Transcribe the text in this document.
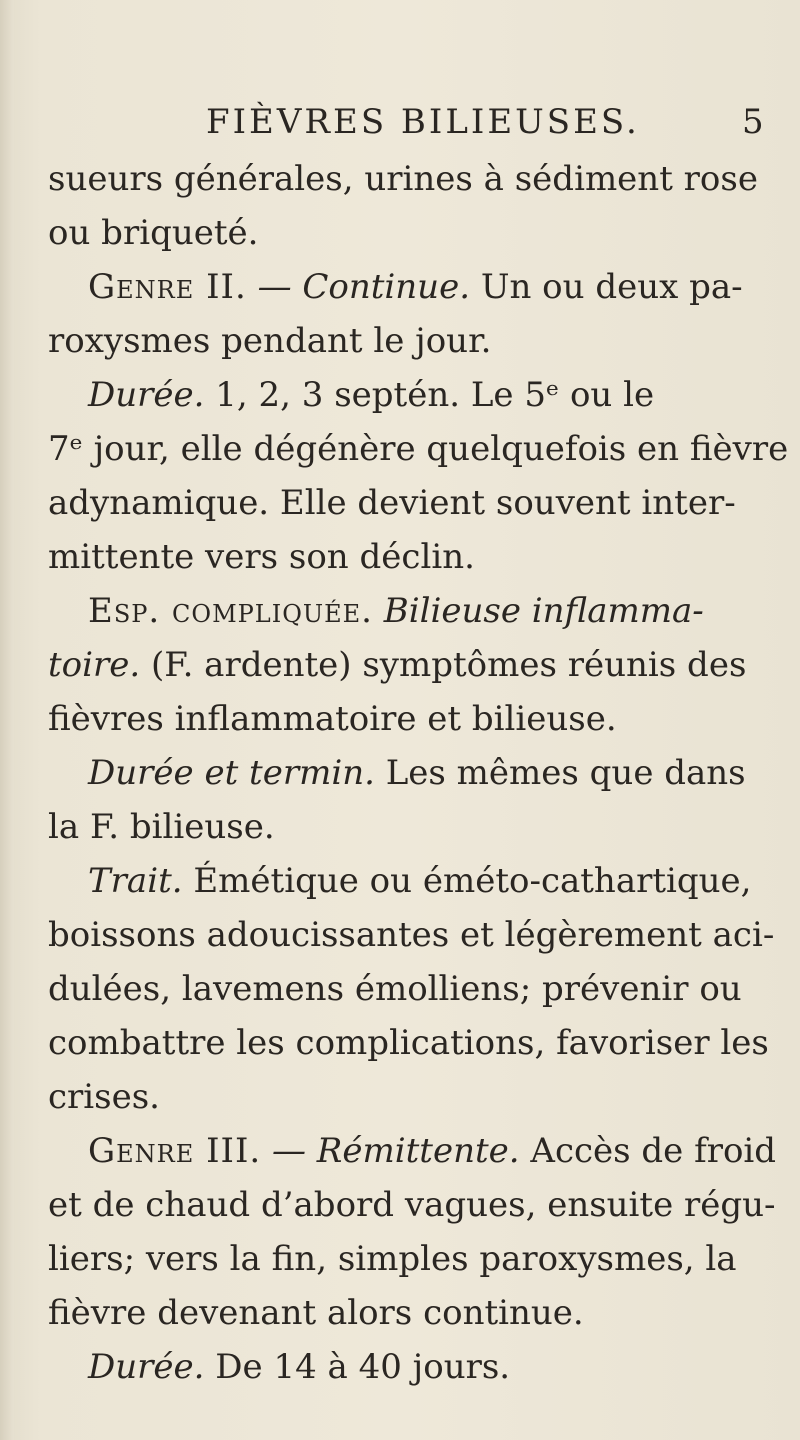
FIÈVRES BILIEUSES.	5
sueurs générales, urines à sédiment rose
ou briqueté.
Genre II. — Continue. Un ou deux pa-
roxysmes pendant le jour.
Durée. 1, 2, 3 septén. Le 5ᵉ ou le
7ᵉ jour, elle dégénère quelquefois en fièvre
adynamique. Elle devient souvent inter-
mittente vers son déclin.
Esp. compliquée. Bilieuse inflamma-
toire. (F. ardente) symptômes réunis des
fièvres inflammatoire et bilieuse.
Durée et termin. Les mêmes que dans
la F. bilieuse.
Trait. Émétique ou éméto-cathartique,
boissons adoucissantes et légèrement aci-
dulées, lavemens émolliens; prévenir ou
combattre les complications, favoriser les
crises.
Genre III. — Rémittente. Accès de froid
et de chaud d’abord vagues, ensuite régu-
liers; vers la fin, simples paroxysmes, la
fièvre devenant alors continue.
Durée. De 14 à 40 jours.
